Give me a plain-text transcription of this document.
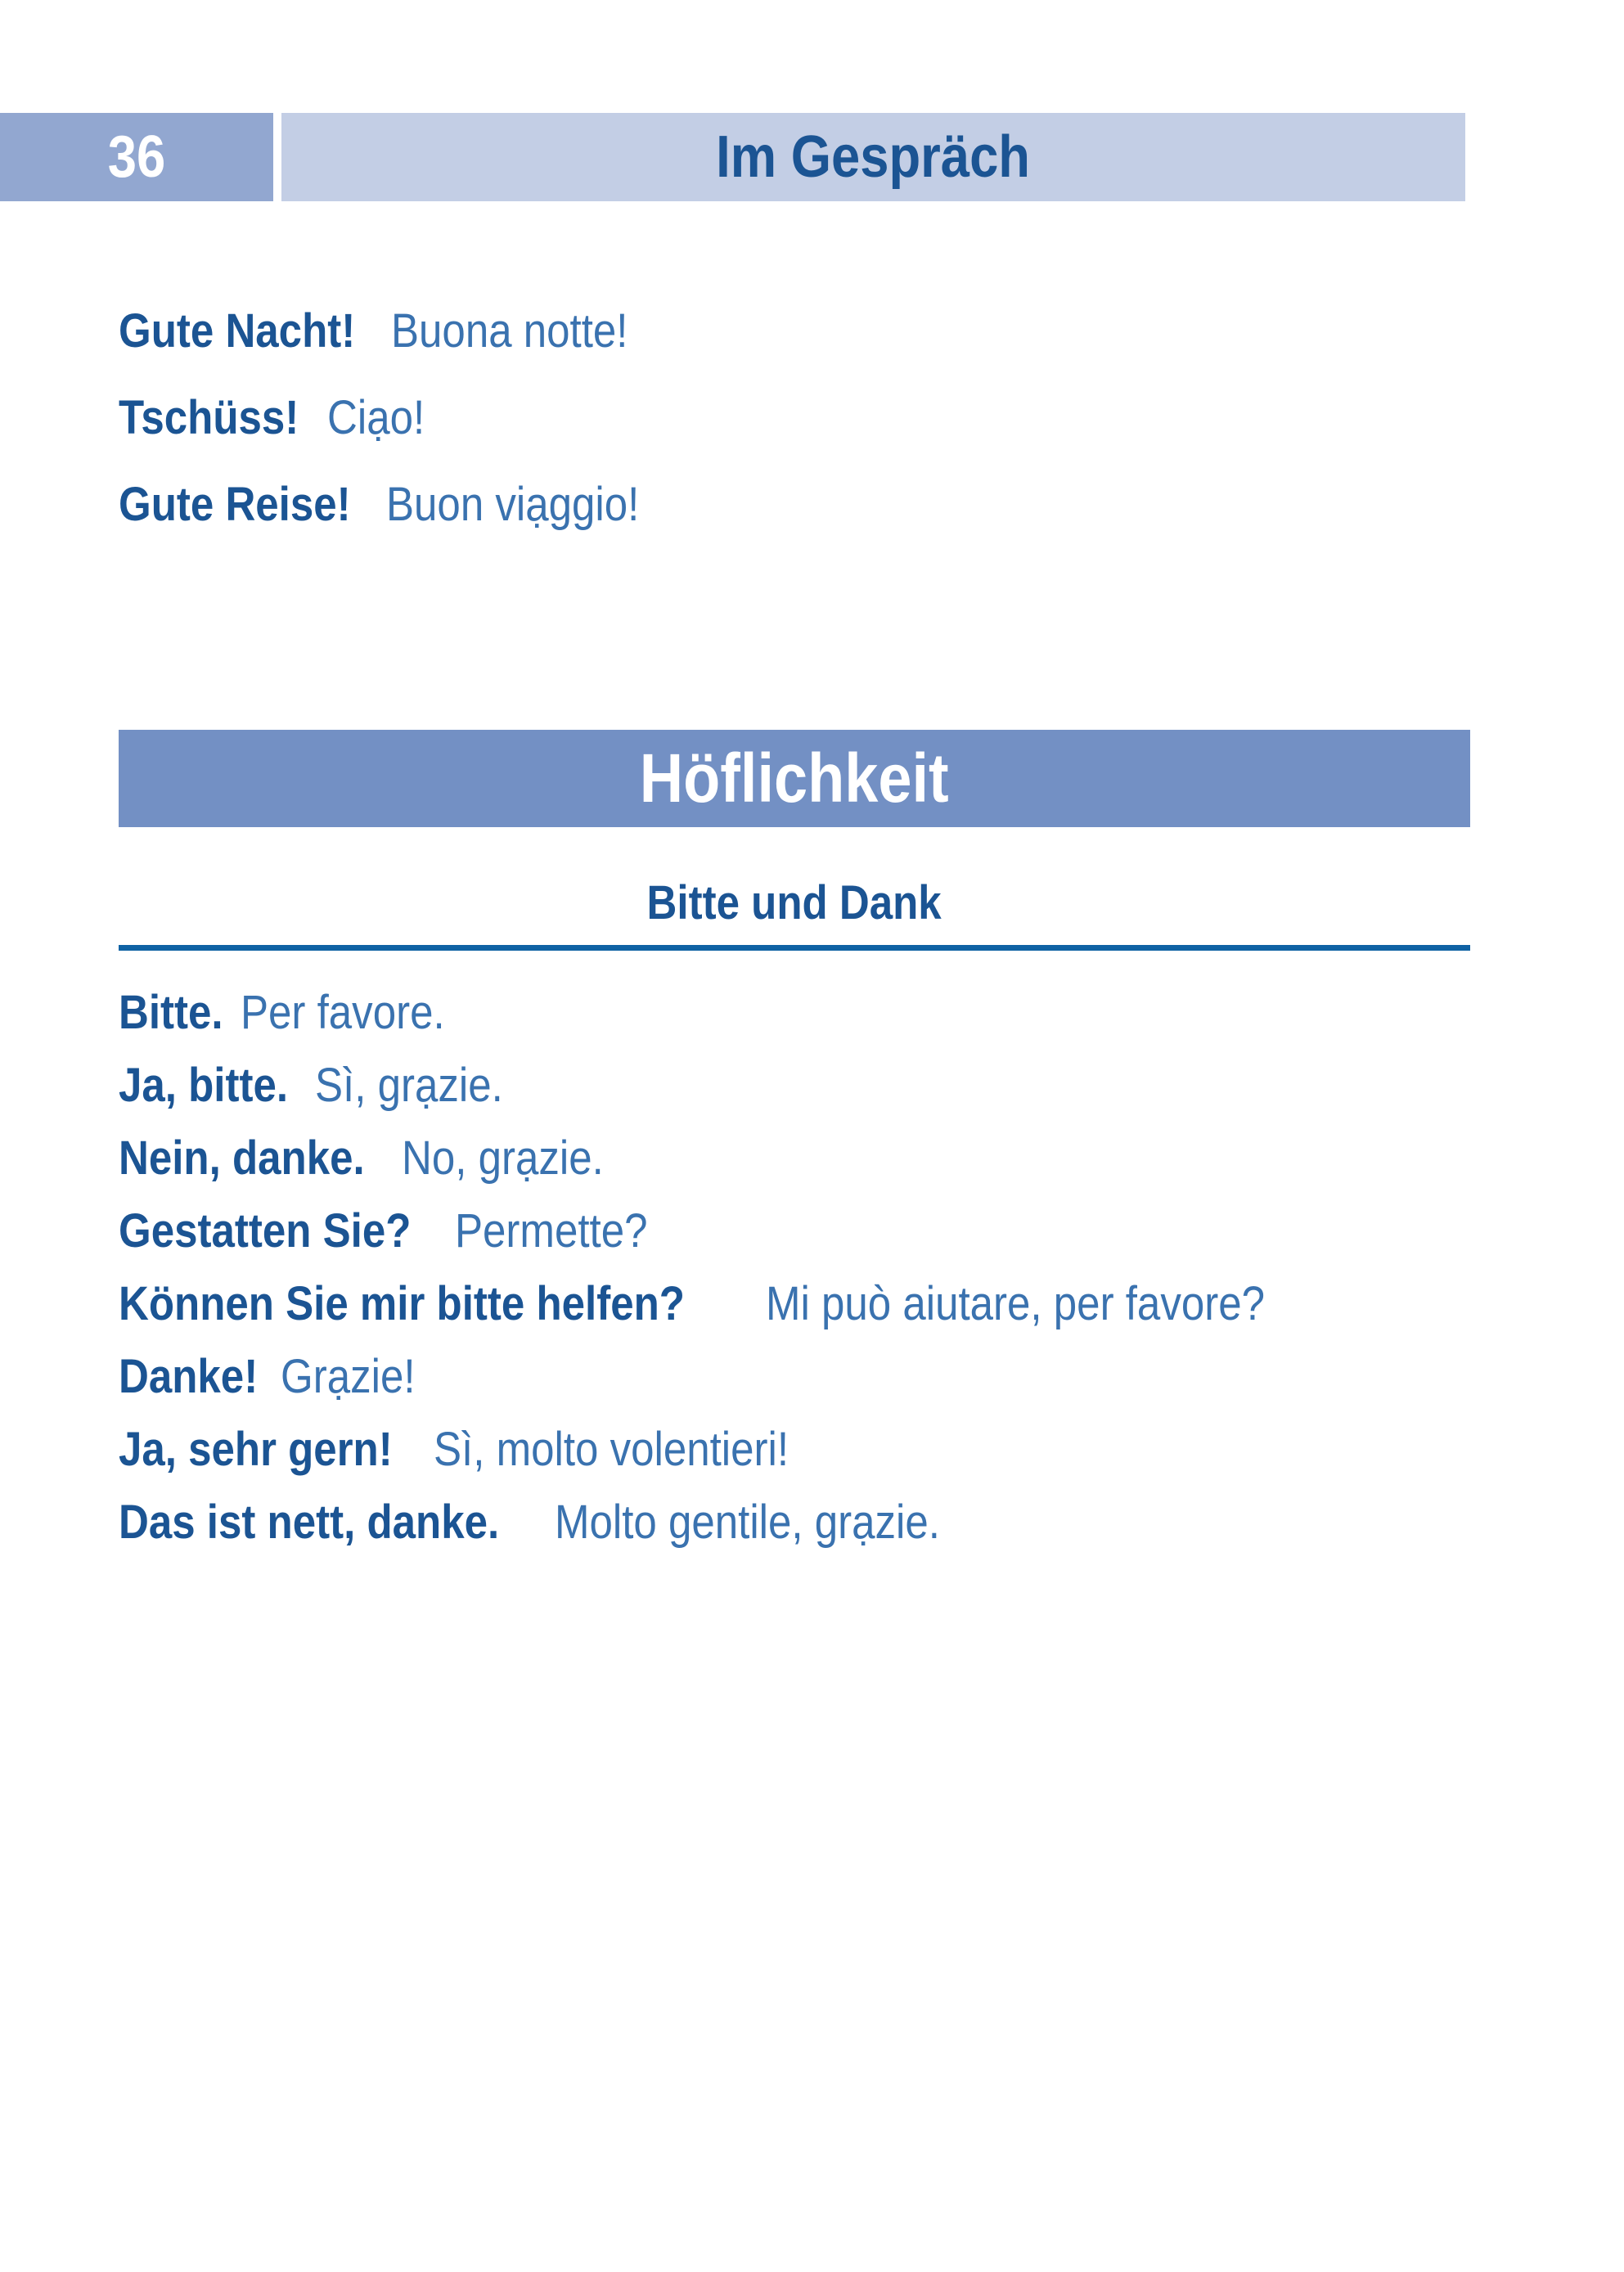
36	Im Gespräch
Gute Nacht! Buona notte!
Tschüss! Ciạo!
Gute Reise! Buon viạggio!
Höflichkeit
Bitte und Dank
Bitte. Per favore.
Ja, bitte. Sì, grạzie.
Nein, danke. No, grạzie.
Gestatten Sie? Permette?
Können Sie mir bitte helfen? Mi può aiutare, per favore?
Danke! Grạzie!
Ja, sehr gern! Sì, molto volentieri!
Das ist nett, danke. Molto gentile, grạzie.
